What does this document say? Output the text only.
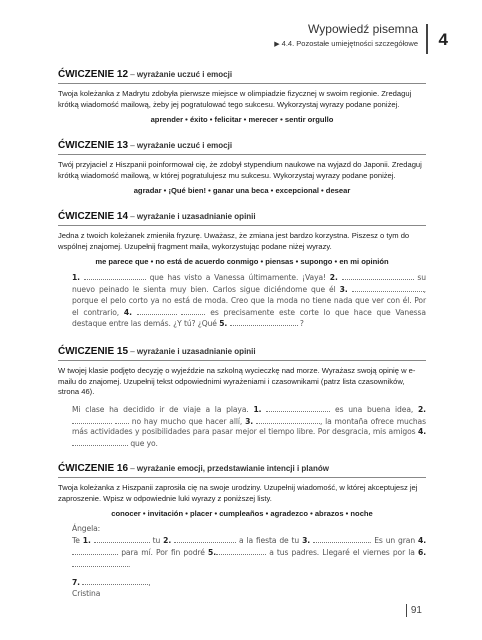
Wypowiedź pisemna
▶ 4.4. Pozostałe umiejętności szczegółowe 4
ĆWICZENIE 12 – wyrażanie uczuć i emocji
Twoja koleżanka z Madrytu zdobyła pierwsze miejsce w olimpiadzie fizycznej w swoim regionie. Zredaguj krótką wiadomość mailową, żeby jej pogratulować tego sukcesu. Wykorzystaj wyrazy podane poniżej.
aprender • éxito • felicitar • merecer • sentir orgullo
ĆWICZENIE 13 – wyrażanie uczuć i emocji
Twój przyjaciel z Hiszpanii poinformował cię, że zdobył stypendium naukowe na wyjazd do Japonii. Zredaguj krótką wiadomość mailową, w której pogratulujesz mu sukcesu. Wykorzystaj wyrazy podane poniżej.
agradar • ¡Qué bien! • ganar una beca • excepcional • desear
ĆWICZENIE 14 – wyrażanie i uzasadnianie opinii
Jedna z twoich koleżanek zmieniła fryzurę. Uważasz, że zmiana jest bardzo korzystna. Piszesz o tym do wspólnej znajomej. Uzupełnij fragment maila, wykorzystując podane niżej wyrazy.
me parece que • no está de acuerdo conmigo • piensas • supongo • en mi opinión
1.	que has visto a Vanessa últimamente. ¡Vaya! 2.	su nuevo peinado le sienta muy bien. Carlos sigue diciéndome que él 3.	, porque el pelo corto ya no está de moda. Creo que la moda no tiene nada que ver con él. Por el contrario, 4.	es precisamente este corte lo que hace que Vanessa destaque entre las demás. ¿Y tú? ¿Qué 5.	?
ĆWICZENIE 15 – wyrażanie i uzasadnianie opinii
W twojej klasie podjęto decyzję o wyjeździe na szkolną wycieczkę nad morze. Wyrażasz swoją opinię w e-mailu do znajomej. Uzupełnij tekst odpowiednimi wyrażeniami i czasownikami (patrz lista czasowników, strona 46).
Mi clase ha decidido ir de viaje a la playa. 1.	es una buena idea, 2.   no hay mucho que hacer allí, 3.	, la montaña ofrece muchas más actividades y posibilidades para pasar mejor el tiempo libre. Por desgracia, mis amigos 4.  que yo.
ĆWICZENIE 16 – wyrażanie emocji, przedstawianie intencji i planów
Twoja koleżanka z Hiszpanii zaprosiła cię na swoje urodziny. Uzupełnij wiadomość, w której akceptujesz jej zaproszenie. Wpisz w odpowiednie luki wyrazy z poniższej listy.
conocer • invitación • placer • cumpleaños • agradezco • abrazos • noche
Ángela:
Te 1.	tu 2.	a la fiesta de tu 3.	. Es un gran 4. para mí. Por fin podré 5.	a tus padres. Llegaré el viernes por la 6. .
7.	,
Cristina
91
